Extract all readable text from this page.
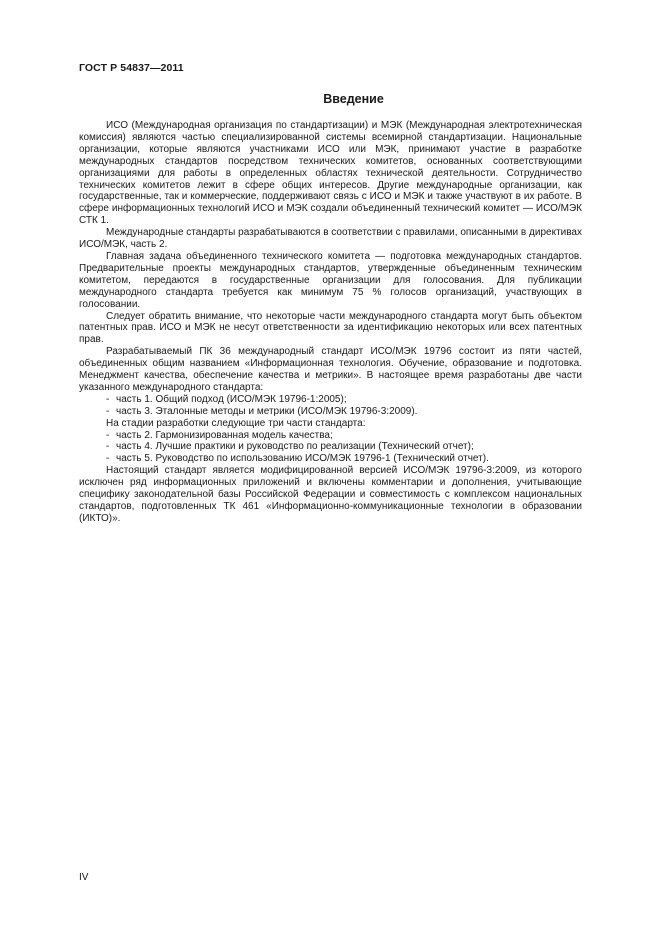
ГОСТ Р 54837—2011
Введение

ИСО (Международная организация по стандартизации) и МЭК (Международная электротехническая комиссия) являются частью специализированной системы всемирной стандартизации. Национальные организации, которые являются участниками ИСО или МЭК, принимают участие в разработке международных стандартов посредством технических комитетов, основанных соответствующими организациями для работы в определенных областях технической деятельности. Сотрудничество технических комитетов лежит в сфере общих интересов. Другие международные организации, как государственные, так и коммерческие, поддерживают связь с ИСО и МЭК и также участвуют в их работе. В сфере информационных технологий ИСО и МЭК создали объединенный технический комитет — ИСО/МЭК СТК 1.

Международные стандарты разрабатываются в соответствии с правилами, описанными в директивах ИСО/МЭК, часть 2.

Главная задача объединенного технического комитета — подготовка международных стандартов. Предварительные проекты международных стандартов, утвержденные объединенным техническим комитетом, передаются в государственные организации для голосования. Для публикации международного стандарта требуется как минимум 75 % голосов организаций, участвующих в голосовании.

Следует обратить внимание, что некоторые части международного стандарта могут быть объектом патентных прав. ИСО и МЭК не несут ответственности за идентификацию некоторых или всех патентных прав.

Разрабатываемый ПК 36 международный стандарт ИСО/МЭК 19796 состоит из пяти частей, объединенных общим названием «Информационная технология. Обучение, образование и подготовка. Менеджмент качества, обеспечение качества и метрики». В настоящее время разработаны две части указанного международного стандарта:

- часть 1. Общий подход (ИСО/МЭК 19796-1:2005);
- часть 3. Эталонные методы и метрики (ИСО/МЭК 19796-3:2009).

На стадии разработки следующие три части стандарта:

- часть 2. Гармонизированная модель качества;
- часть 4. Лучшие практики и руководство по реализации (Технический отчет);
- часть 5. Руководство по использованию ИСО/МЭК 19796-1 (Технический отчет).

Настоящий стандарт является модифицированной версией ИСО/МЭК 19796-3:2009, из которого исключен ряд информационных приложений и включены комментарии и дополнения, учитывающие специфику законодательной базы Российской Федерации и совместимость с комплексом национальных стандартов, подготовленных ТК 461 «Информационно-коммуникационные технологии в образовании (ИКТО)».

IV
